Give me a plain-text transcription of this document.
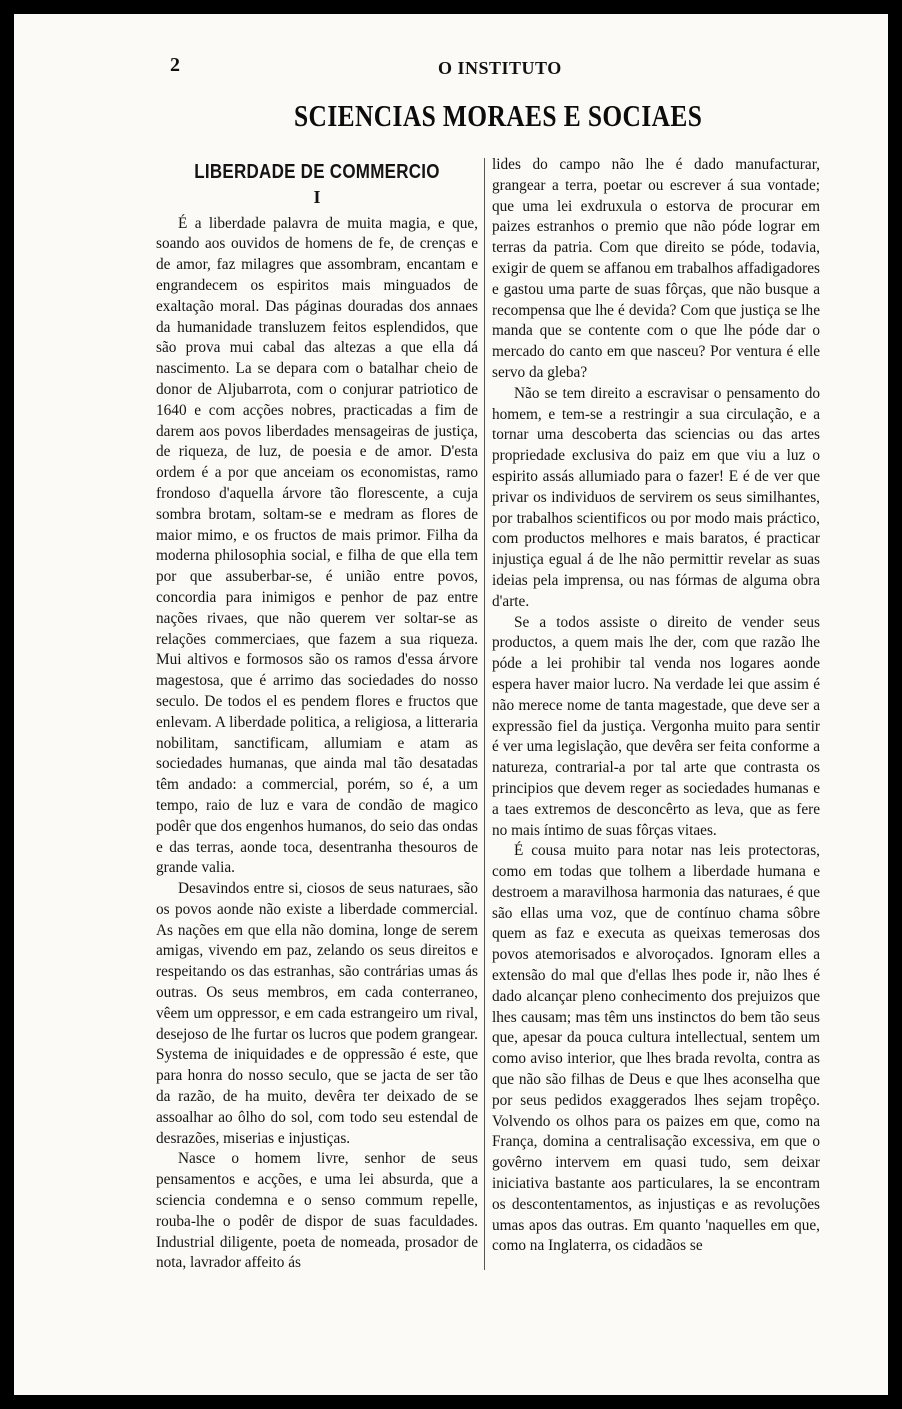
2	O INSTITUTO
SCIENCIAS MORAES E SOCIAES
LIBERDADE DE COMMERCIO
I

É a liberdade palavra de muita magia, e que, soando aos ouvidos de homens de fe, de crenças e de amor, faz milagres que assombram, encantam e engrandecem os espiritos mais minguados de exaltação moral. Das páginas douradas dos annaes da humanidade transluzem feitos esplendidos, que são prova mui cabal das altezas a que ella dá nascimento. La se depara com o batalhar cheio de donor de Aljubarrota, com o conjurar patriotico de 1640 e com acções nobres, practicadas a fim de darem aos povos liberdades mensageiras de justiça, de riqueza, de luz, de poesia e de amor. D'esta ordem é a por que anceiam os economistas, ramo frondoso d'aquella árvore tão florescente, a cuja sombra brotam, soltam-se e medram as flores de maior mimo, e os fructos de mais primor. Filha da moderna philosophia social, e filha de que ella tem por que assuberbar-se, é união entre povos, concordia para inimigos e penhor de paz entre nações rivaes, que não querem ver soltar-se as relações commerciaes, que fazem a sua riqueza. Mui altivos e formosos são os ramos d'essa árvore magestosa, que é arrimo das sociedades do nosso seculo. De todos el es pendem flores e fructos que enlevam. A liberdade politica, a religiosa, a litteraria nobilitam, sanctificam, allumiam e atam as sociedades humanas, que ainda mal tão desatadas têm andado: a commercial, porém, so é, a um tempo, raio de luz e vara de condão de magico podêr que dos engenhos humanos, do seio das ondas e das terras, aonde toca, desentranha thesouros de grande valia.

Desavindos entre si, ciosos de seus naturaes, são os povos aonde não existe a liberdade commercial. As nações em que ella não domina, longe de serem amigas, vivendo em paz, zelando os seus direitos e respeitando os das estranhas, são contrárias umas ás outras. Os seus membros, em cada conterraneo, vêem um oppressor, e em cada estrangeiro um rival, desejoso de lhe furtar os lucros que podem grangear. Systema de iniquidades e de oppressão é este, que para honra do nosso seculo, que se jacta de ser tão da razão, de ha muito, devêra ter deixado de se assoalhar ao ôlho do sol, com todo seu estendal de desrazões, miserias e injustiças.

Nasce o homem livre, senhor de seus pensamentos e acções, e uma lei absurda, que a sciencia condemna e o senso commum repelle, rouba-lhe o podêr de dispor de suas faculdades. Industrial diligente, poeta de nomeada, prosador de nota, lavrador affeito ás

lides do campo não lhe é dado manufacturar, grangear a terra, poetar ou escrever á sua vontade; que uma lei exdruxula o estorva de procurar em paizes estranhos o premio que não póde lograr em terras da patria. Com que direito se póde, todavia, exigir de quem se affanou em trabalhos affadigadores e gastou uma parte de suas fôrças, que não busque a recompensa que lhe é devida? Com que justiça se lhe manda que se contente com o que lhe póde dar o mercado do canto em que nasceu? Por ventura é elle servo da gleba?

Não se tem direito a escravisar o pensamento do homem, e tem-se a restringir a sua circulação, e a tornar uma descoberta das sciencias ou das artes propriedade exclusiva do paiz em que viu a luz o espirito assás allumiado para o fazer! E é de ver que privar os individuos de servirem os seus similhantes, por trabalhos scientificos ou por modo mais práctico, com productos melhores e mais baratos, é practicar injustiça egual á de lhe não permittir revelar as suas ideias pela imprensa, ou nas fórmas de alguma obra d'arte.

Se a todos assiste o direito de vender seus productos, a quem mais lhe der, com que razão lhe póde a lei prohibir tal venda nos logares aonde espera haver maior lucro. Na verdade lei que assim é não merece nome de tanta magestade, que deve ser a expressão fiel da justiça. Vergonha muito para sentir é ver uma legislação, que devêra ser feita conforme a natureza, contrarial-a por tal arte que contrasta os principios que devem reger as sociedades humanas e a taes extremos de desconcêrto as leva, que as fere no mais íntimo de suas fôrças vitaes.

É cousa muito para notar nas leis protectoras, como em todas que tolhem a liberdade humana e destroem a maravilhosa harmonia das naturaes, é que são ellas uma voz, que de contínuo chama sôbre quem as faz e executa as queixas temerosas dos povos atemorisados e alvoroçados. Ignoram elles a extensão do mal que d'ellas lhes pode ir, não lhes é dado alcançar pleno conhecimento dos prejuizos que lhes causam; mas têm uns instinctos do bem tão seus que, apesar da pouca cultura intellectual, sentem um como aviso interior, que lhes brada revolta, contra as que não são filhas de Deus e que lhes aconselha que por seus pedidos exaggerados lhes sejam tropêço. Volvendo os olhos para os paizes em que, como na França, domina a centralisação excessiva, em que o govêrno intervem em quasi tudo, sem deixar iniciativa bastante aos particulares, la se encontram os descontentamentos, as injustiças e as revoluções umas apos das outras. Em quanto 'naquelles em que, como na Inglaterra, os cidadãos se
